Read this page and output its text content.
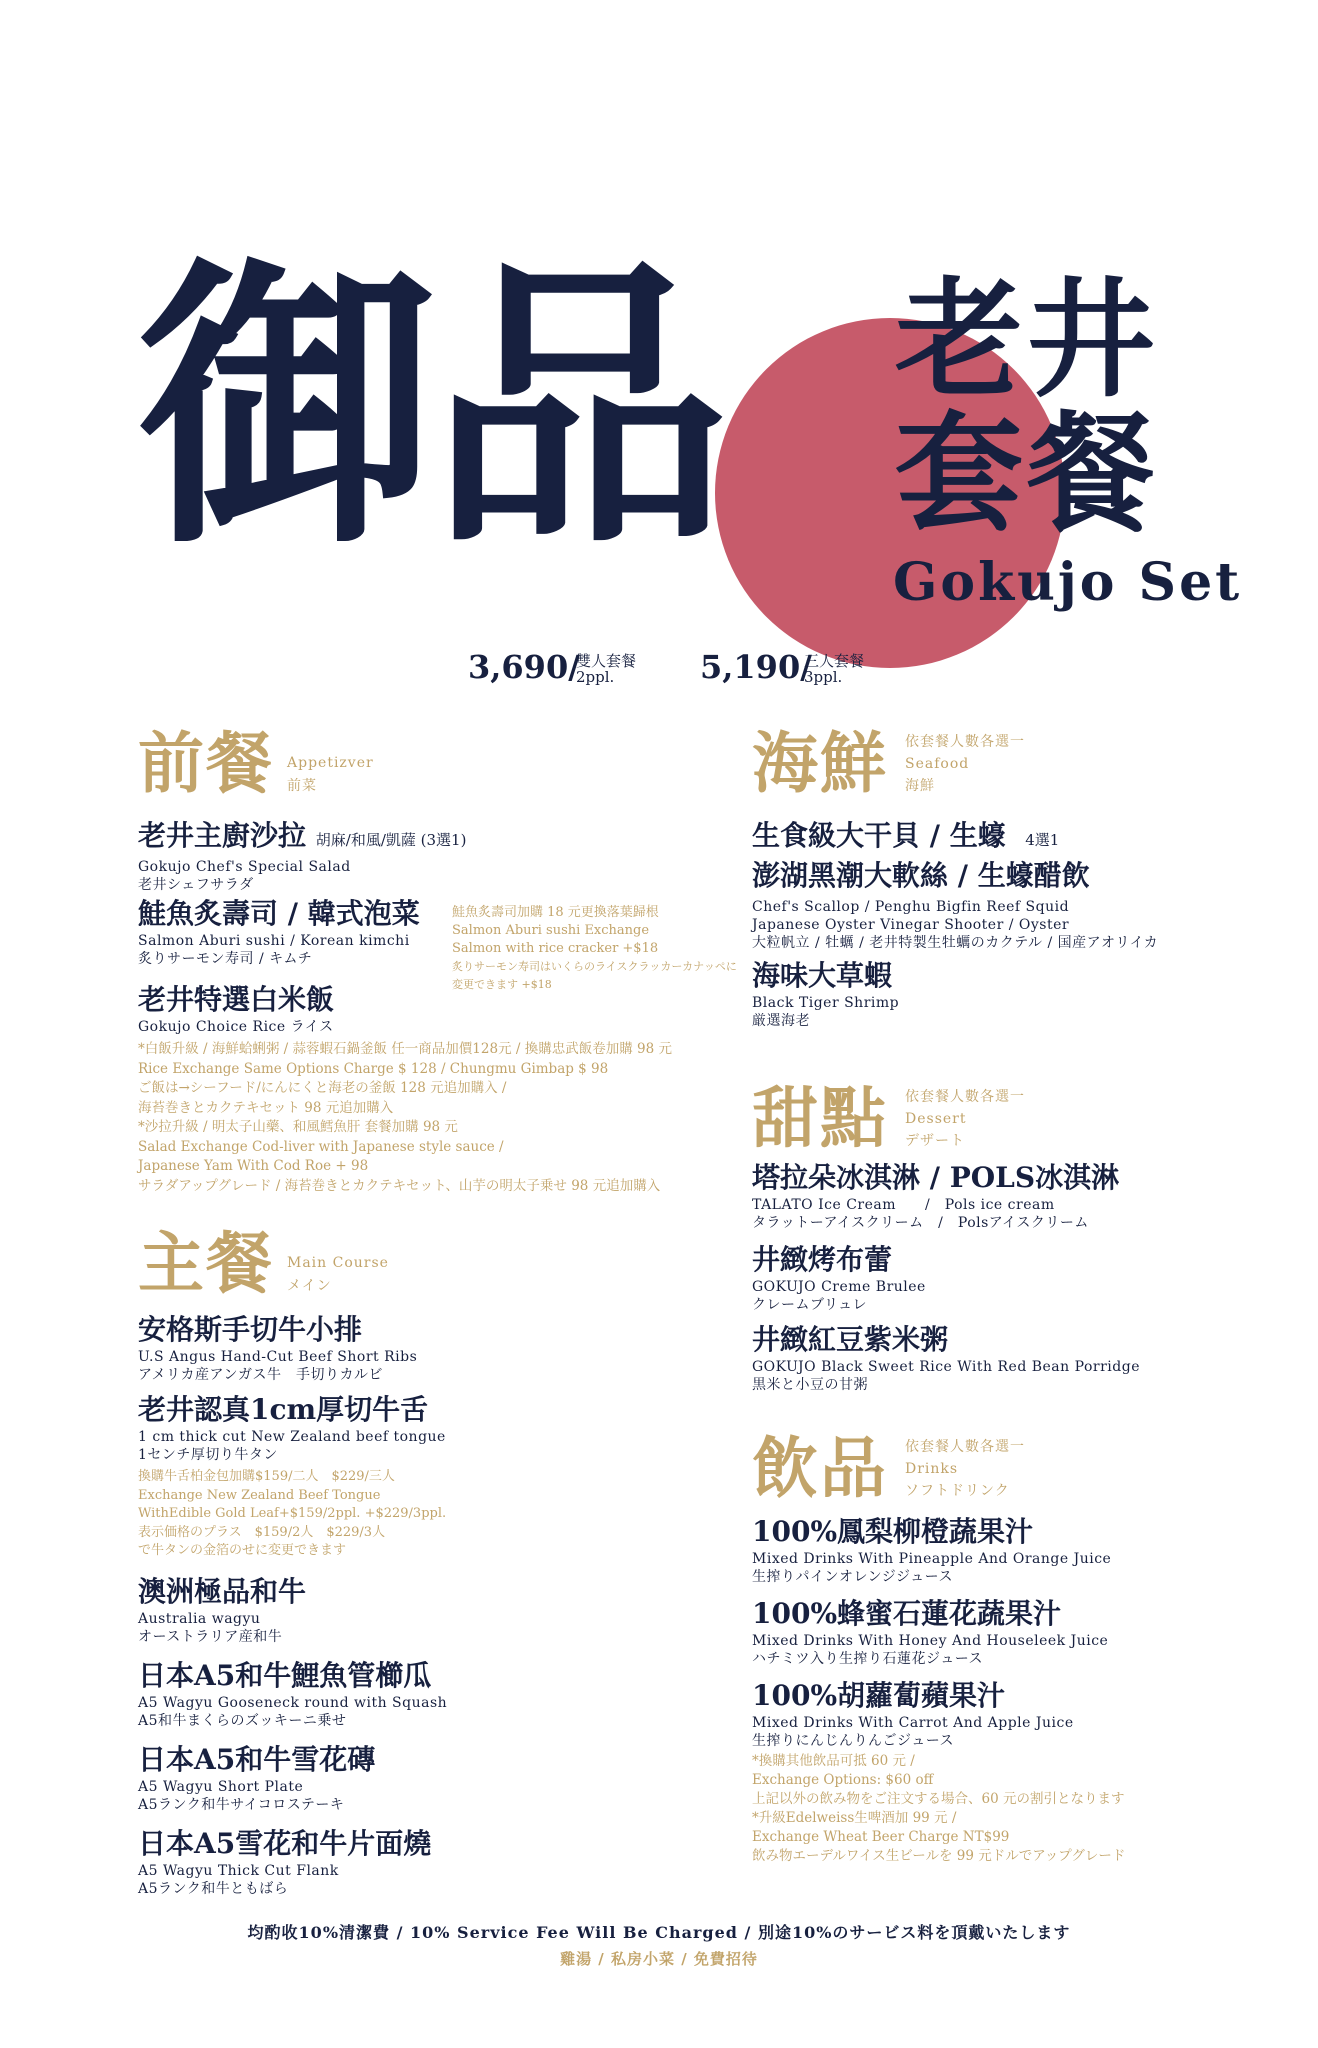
御品 老井
套餐
Gokujo Set
3,690/
雙人套餐
2ppl.	5,190/
三人套餐
3ppl.
前餐 Appetizver
前菜
老井主廚沙拉 胡麻/和風/凱薩 (3選1)
Gokujo Chef's Special Salad
老井シェフサラダ
鮭魚炙壽司 / 韓式泡菜
Salmon Aburi sushi / Korean kimchi
炙りサーモン寿司 / キムチ
鮭魚炙壽司加購 18 元更換落葉歸根
Salmon Aburi sushi Exchange
Salmon with rice cracker +$18
炙りサーモン寿司はいくらのライスクラッカーカナッペに
変更できます +$18
老井特選白米飯
Gokujo Choice Rice ライス
*白飯升級 / 海鮮蛤蜊粥 / 蒜蓉蝦石鍋釜飯 任一商品加價128元 / 換購忠武飯卷加購 98 元
Rice Exchange Same Options Charge $ 128 / Chungmu Gimbap $ 98
ご飯は→シーフード/にんにくと海老の釜飯 128 元追加購入 /
海苔巻きとカクテキセット 98 元追加購入
*沙拉升級 / 明太子山藥、和風鱈魚肝 套餐加購 98 元
Salad Exchange Cod-liver with Japanese style sauce /
Japanese Yam With Cod Roe + 98
サラダアップグレード / 海苔巻きとカクテキセット、山芋の明太子乗せ 98 元追加購入
主餐 Main Course
メイン
安格斯手切牛小排
U.S Angus Hand-Cut Beef Short Ribs
アメリカ産アンガス牛　手切りカルビ
老井認真1cm厚切牛舌
1 cm thick cut New Zealand beef tongue
1センチ厚切り牛タン
換購牛舌柏金包加購$159/二人　$229/三人
Exchange New Zealand Beef Tongue
WithEdible Gold Leaf+$159/2ppl. +$229/3ppl.
表示価格のプラス　$159/2人　$229/3人
で牛タンの金箔のせに変更できます
澳洲極品和牛
Australia wagyu
オーストラリア産和牛
日本A5和牛鯉魚管櫛瓜
A5 Wagyu Gooseneck round with Squash
A5和牛まくらのズッキーニ乗せ
日本A5和牛雪花磚
A5 Wagyu Short Plate
A5ランク和牛サイコロステーキ
日本A5雪花和牛片面燒
A5 Wagyu Thick Cut Flank
A5ランク和牛ともばら
海鮮 依套餐人數各選一
Seafood
海鮮
生食級大干貝 / 生蠔 4選1
澎湖黑潮大軟絲 / 生蠔醋飲
Chef's Scallop / Penghu Bigfin Reef Squid
Japanese Oyster Vinegar Shooter / Oyster
大粒帆立 / 牡蠣 / 老井特製生牡蠣のカクテル / 国産アオリイカ
海味大草蝦
Black Tiger Shrimp
厳選海老
甜點 依套餐人數各選一
Dessert
デザート
塔拉朵冰淇淋 / POLS冰淇淋
TALATO Ice Cream　　/　Pols ice cream
タラットーアイスクリーム　/　Polsアイスクリーム
井緻烤布蕾
GOKUJO Creme Brulee
クレームブリュレ
井緻紅豆紫米粥
GOKUJO Black Sweet Rice With Red Bean Porridge
黒米と小豆の甘粥
飲品 依套餐人數各選一
Drinks
ソフトドリンク
100%鳳梨柳橙蔬果汁
Mixed Drinks With Pineapple And Orange Juice
生搾りパインオレンジジュース
100%蜂蜜石蓮花蔬果汁
Mixed Drinks With Honey And Houseleek Juice
ハチミツ入り生搾り石蓮花ジュース
100%胡蘿蔔蘋果汁
Mixed Drinks With Carrot And Apple Juice
生搾りにんじんりんごジュース
*換購其他飲品可抵 60 元 /
Exchange Options: $60 off
上記以外の飲み物をご注文する場合、60 元の割引となります
*升級Edelweiss生啤酒加 99 元 /
Exchange Wheat Beer Charge NT$99
飲み物エーデルワイス生ビールを 99 元ドルでアップグレード
均酌收10%清潔費 / 10% Service Fee Will Be Charged / 別途10%のサービス料を頂戴いたします
雞湯 / 私房小菜 / 免費招待
